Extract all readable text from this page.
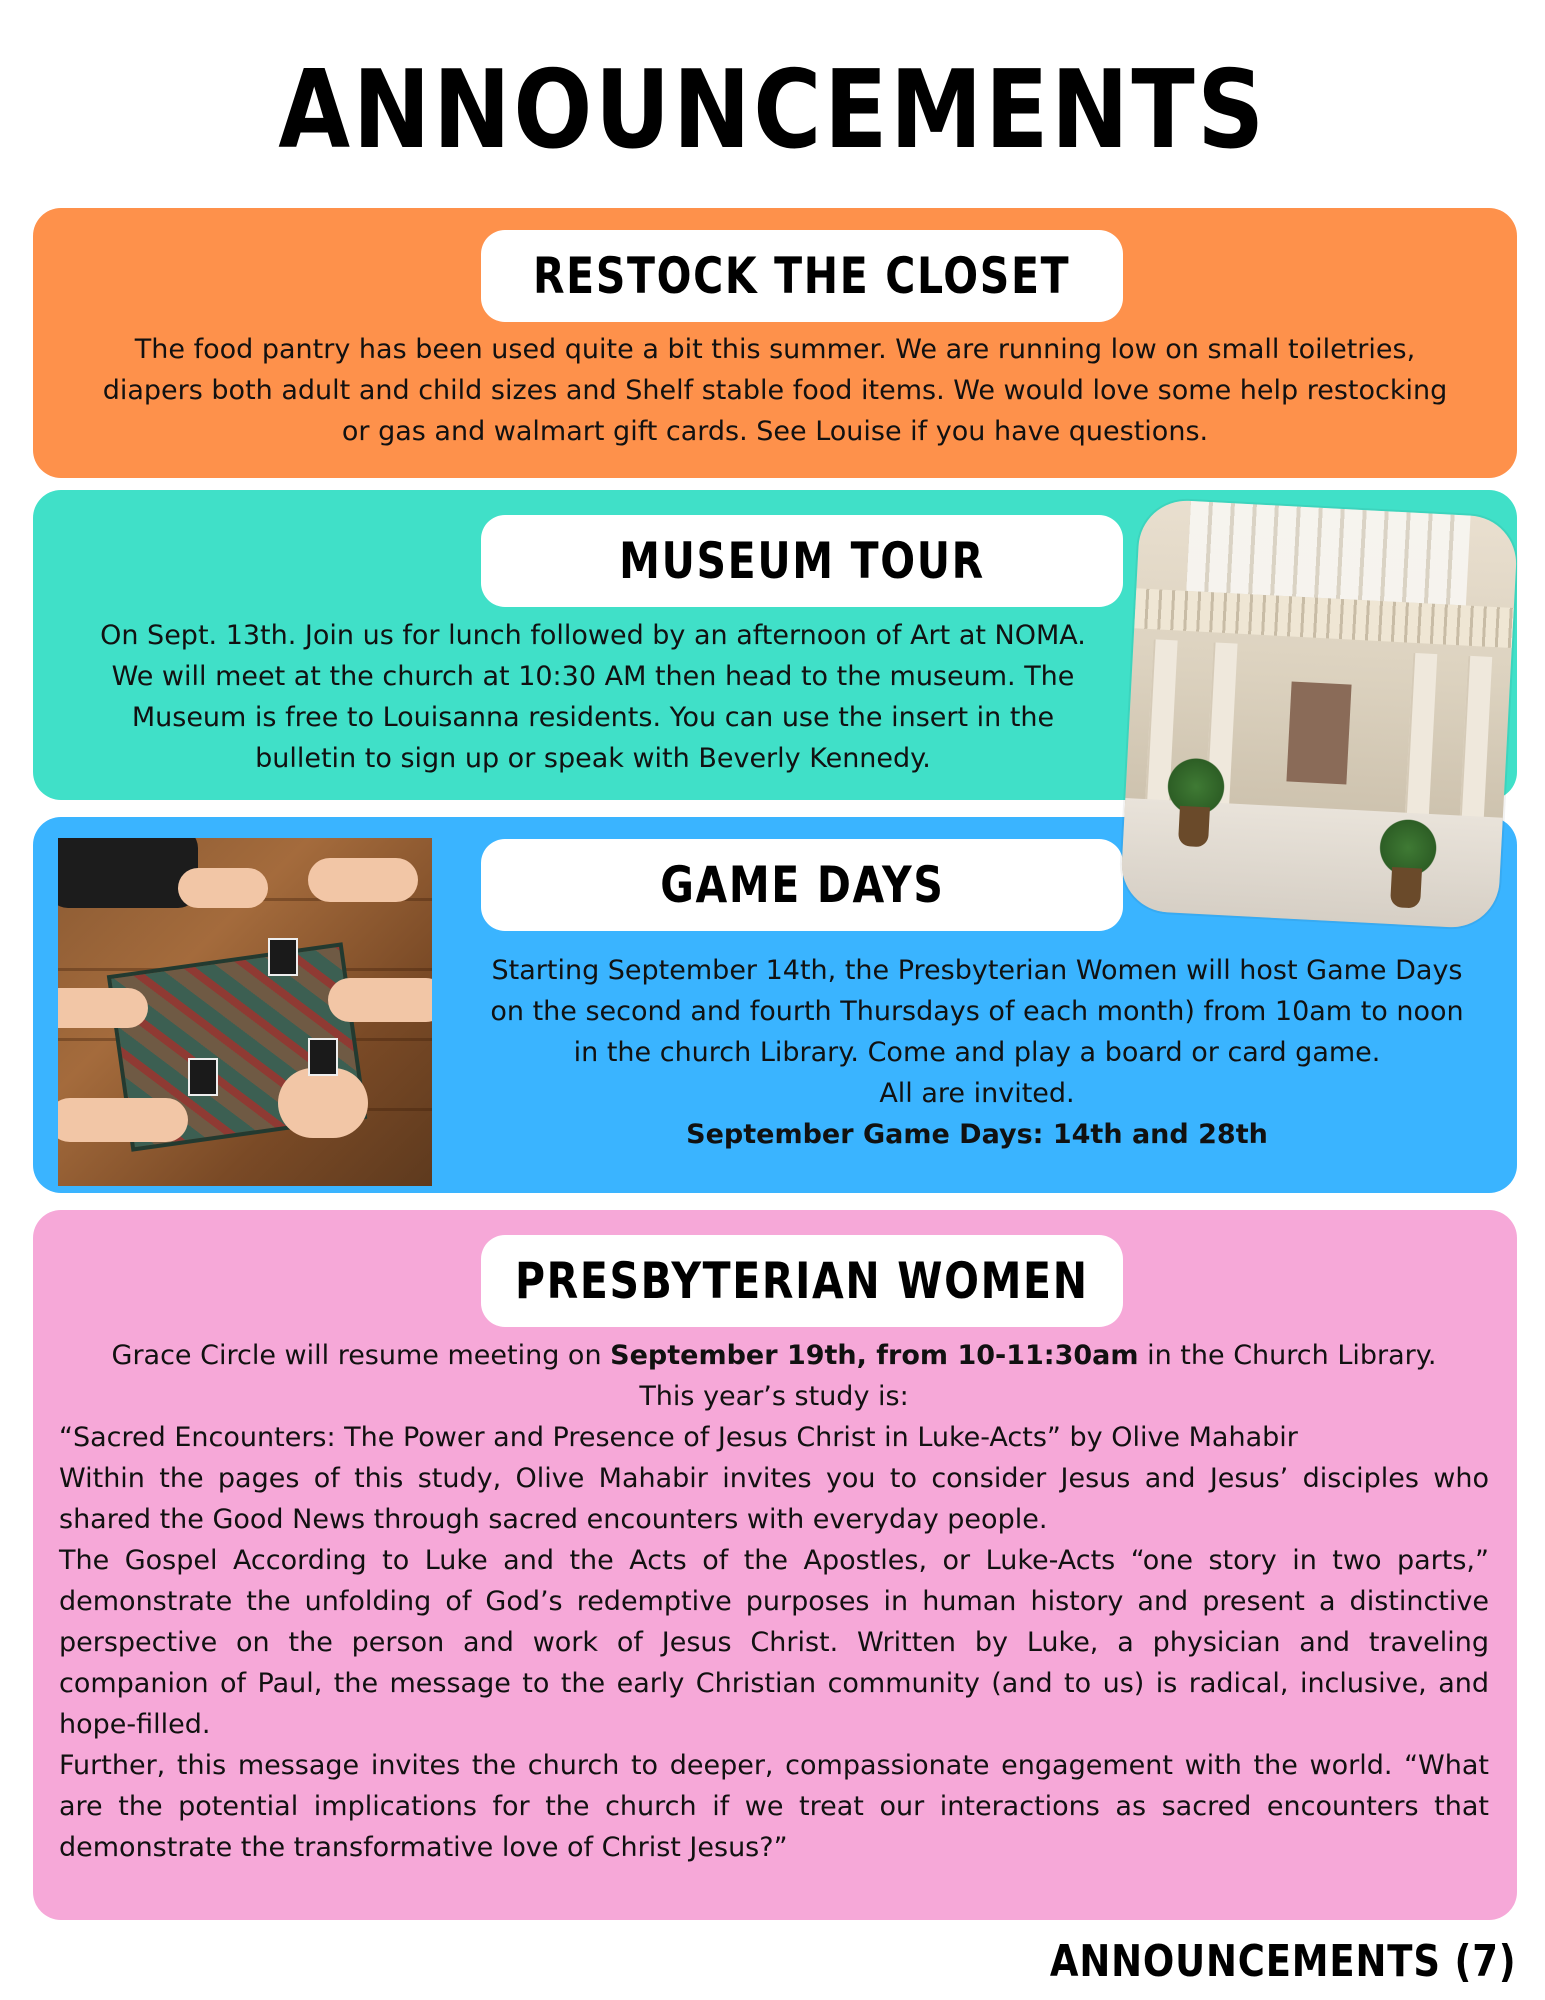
ANNOUNCEMENTS
RESTOCK THE CLOSET

The food pantry has been used quite a bit this summer. We are running low on small toiletries,

diapers both adult and child sizes and Shelf stable food items. We would love some help restocking

or gas and walmart gift cards. See Louise if you have questions.

MUSEUM TOUR

On Sept. 13th. Join us for lunch followed by an afternoon of Art at NOMA.

We will meet at the church at 10:30 AM then head to the museum. The

Museum is free to Louisanna residents. You can use the insert in the

bulletin to sign up or speak with Beverly Kennedy.

GAME DAYS

Starting September 14th, the Presbyterian Women will host Game Days

on the second and fourth Thursdays of each month) from 10am to noon

in the church Library. Come and play a board or card game.

All are invited.

September Game Days: 14th and 28th

PRESBYTERIAN WOMEN

Grace Circle will resume meeting on September 19th, from 10-11:30am in the Church Library.

This year’s study is:

“Sacred Encounters: The Power and Presence of Jesus Christ in Luke-Acts” by Olive Mahabir

Within the pages of this study, Olive Mahabir invites you to consider Jesus and Jesus’ disciples who shared the Good News through sacred encounters with everyday people.

The Gospel According to Luke and the Acts of the Apostles, or Luke-Acts “one story in two parts,” demonstrate the unfolding of God’s redemptive purposes in human history and present a distinctive perspective on the person and work of Jesus Christ. Written by Luke, a physician and traveling companion of Paul, the message to the early Christian community (and to us) is radical, inclusive, and hope-filled.

Further, this message invites the church to deeper, compassionate engagement with the world. “What are the potential implications for the church if we treat our interactions as sacred encounters that demonstrate the transformative love of Christ Jesus?”

ANNOUNCEMENTS (7)
